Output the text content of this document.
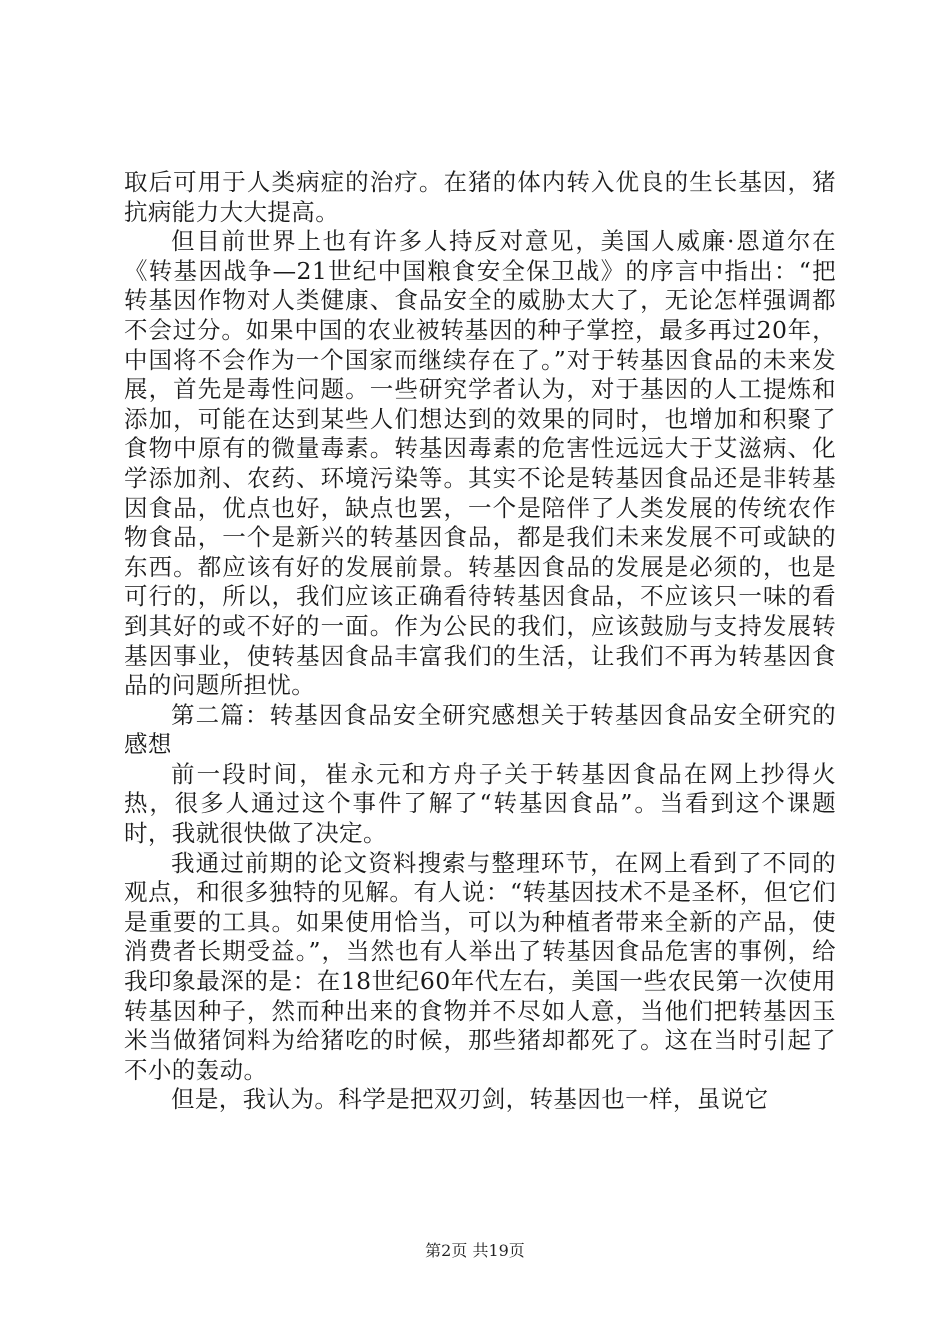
取后可用于人类病症的治疗。在猪的体内转入优良的生长基因，猪抗病能力大大提高。

但目前世界上也有许多人持反对意见，美国人威廉·恩道尔在《转基因战争—21世纪中国粮食安全保卫战》的序言中指出：“把转基因作物对人类健康、食品安全的威胁太大了，无论怎样强调都不会过分。如果中国的农业被转基因的种子掌控，最多再过20年，中国将不会作为一个国家而继续存在了。”对于转基因食品的未来发展，首先是毒性问题。一些研究学者认为，对于基因的人工提炼和添加，可能在达到某些人们想达到的效果的同时，也增加和积聚了食物中原有的微量毒素。转基因毒素的危害性远远大于艾滋病、化学添加剂、农药、环境污染等。其实不论是转基因食品还是非转基因食品，优点也好，缺点也罢，一个是陪伴了人类发展的传统农作物食品，一个是新兴的转基因食品，都是我们未来发展不可或缺的东西。都应该有好的发展前景。转基因食品的发展是必须的，也是可行的，所以，我们应该正确看待转基因食品，不应该只一味的看到其好的或不好的一面。作为公民的我们，应该鼓励与支持发展转基因事业，使转基因食品丰富我们的生活，让我们不再为转基因食品的问题所担忧。

第二篇：转基因食品安全研究感想关于转基因食品安全研究的感想

前一段时间，崔永元和方舟子关于转基因食品在网上抄得火热，很多人通过这个事件了解了“转基因食品”。当看到这个课题时，我就很快做了决定。

我通过前期的论文资料搜索与整理环节，在网上看到了不同的观点，和很多独特的见解。有人说：“转基因技术不是圣杯，但它们是重要的工具。如果使用恰当，可以为种植者带来全新的产品，使消费者长期受益。”，当然也有人举出了转基因食品危害的事例，给我印象最深的是：在18世纪60年代左右，美国一些农民第一次使用转基因种子，然而种出来的食物并不尽如人意，当他们把转基因玉米当做猪饲料为给猪吃的时候，那些猪却都死了。这在当时引起了不小的轰动。

但是，我认为。科学是把双刃剑，转基因也一样，虽说它

第2页 共19页
